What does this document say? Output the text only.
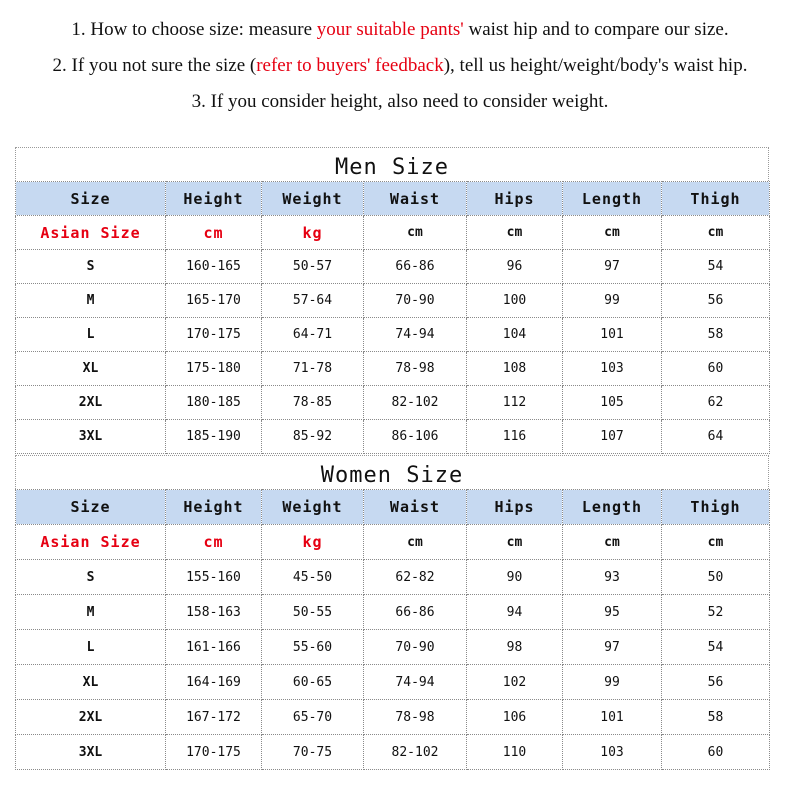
1. How to choose size: measure your suitable pants' waist hip and to compare our size.
2. If you not sure the size (refer to buyers' feedback), tell us height/weight/body's waist hip.
3. If you consider height, also need to consider weight.
Men Size
Size	Height	Weight	Waist	Hips	Length	Thigh
Asian Size	cm	kg	cm	cm	cm	cm
S	160-165	50-57	66-86	96	97	54
M	165-170	57-64	70-90	100	99	56
L	170-175	64-71	74-94	104	101	58
XL	175-180	71-78	78-98	108	103	60
2XL	180-185	78-85	82-102	112	105	62
3XL	185-190	85-92	86-106	116	107	64
Women Size
Size	Height	Weight	Waist	Hips	Length	Thigh
Asian Size	cm	kg	cm	cm	cm	cm
S	155-160	45-50	62-82	90	93	50
M	158-163	50-55	66-86	94	95	52
L	161-166	55-60	70-90	98	97	54
XL	164-169	60-65	74-94	102	99	56
2XL	167-172	65-70	78-98	106	101	58
3XL	170-175	70-75	82-102	110	103	60
